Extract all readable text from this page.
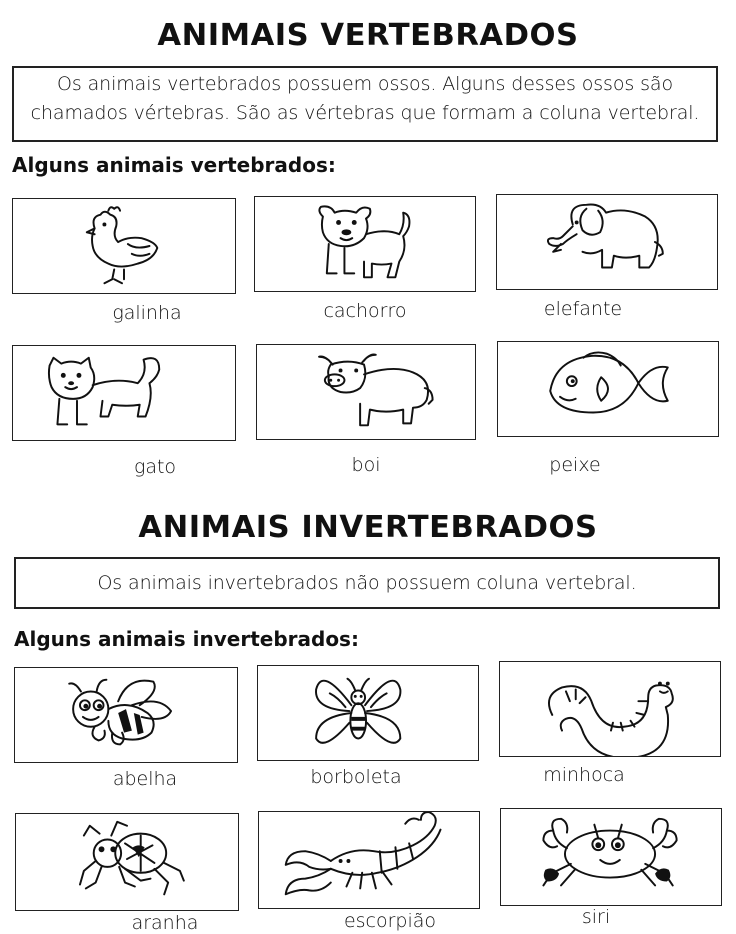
ANIMAIS VERTEBRADOS
Os animais vertebrados possuem ossos. Alguns desses ossos são
chamados vértebras. São as vértebras que formam a coluna vertebral.
Alguns animais vertebrados:
galinha	cachorro	elefante
gato	boi	peixe
ANIMAIS INVERTEBRADOS
Os animais invertebrados não possuem coluna vertebral.
Alguns animais invertebrados:
abelha	borboleta	minhoca
aranha	escorpião	siri
